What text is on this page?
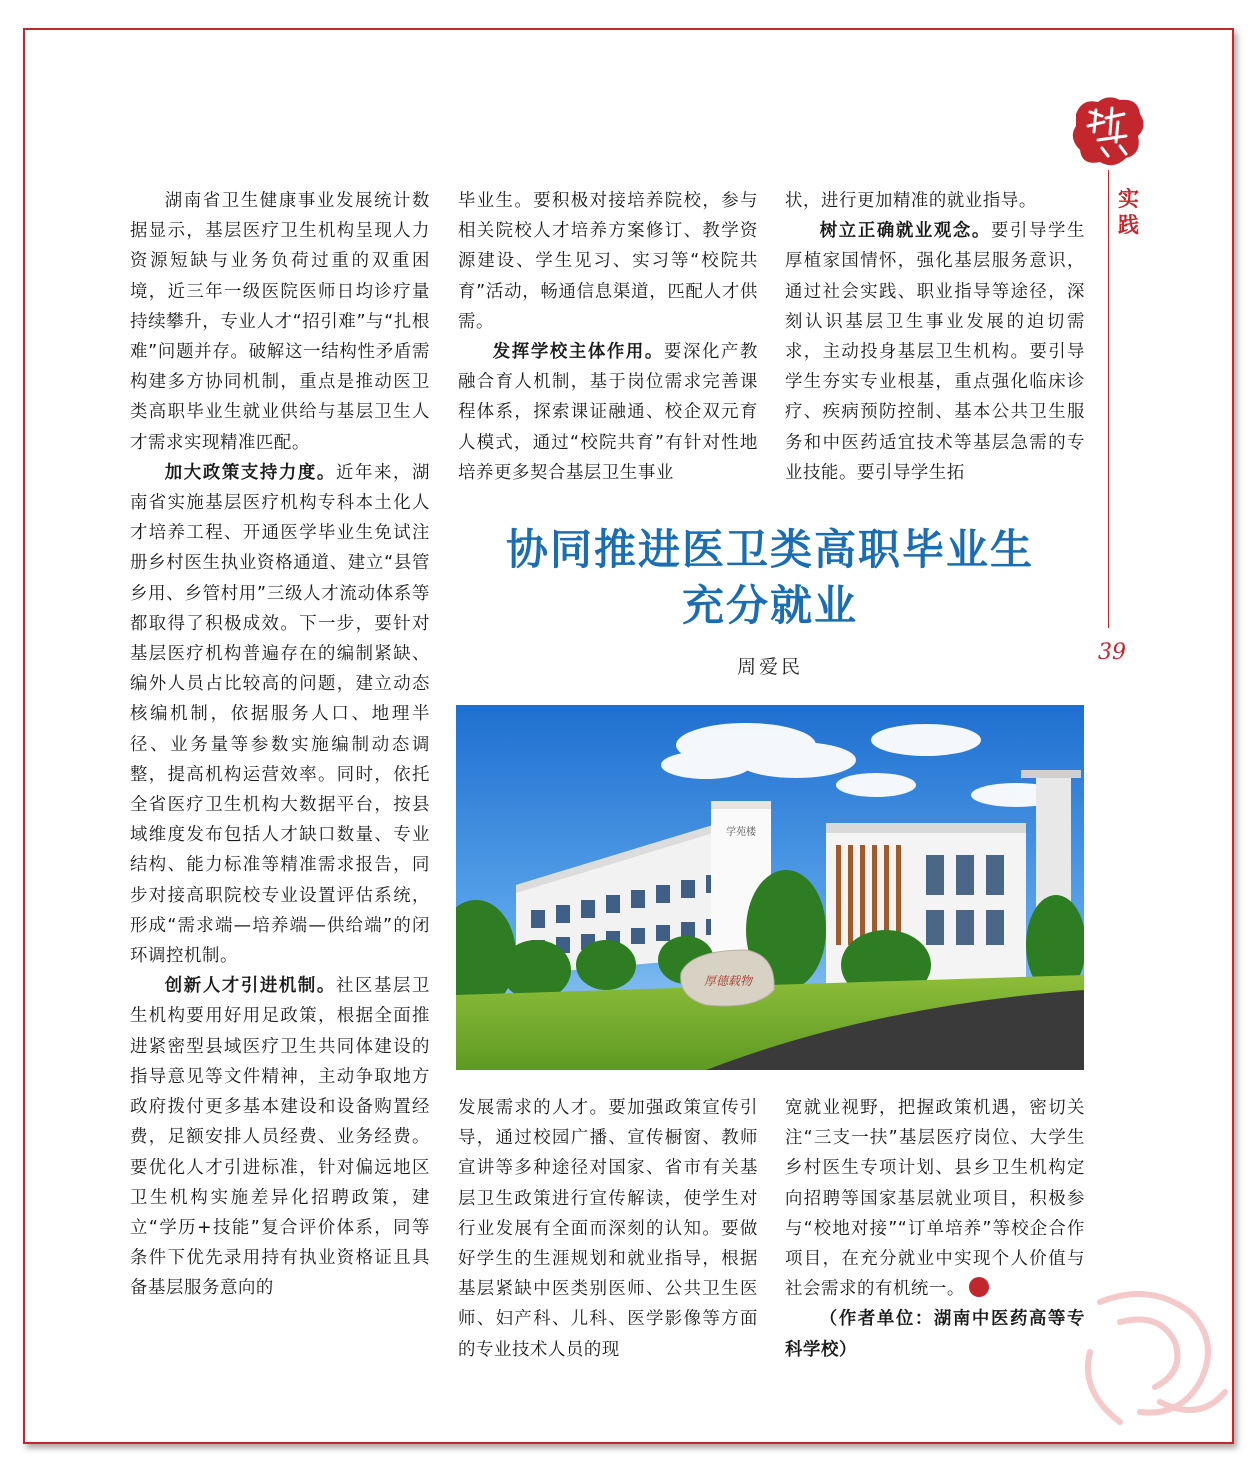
实践
39

湖南省卫生健康事业发展统计数据显示，基层医疗卫生机构呈现人力资源短缺与业务负荷过重的双重困境，近三年一级医院医师日均诊疗量持续攀升，专业人才“招引难”与“扎根难”问题并存。破解这一结构性矛盾需构建多方协同机制，重点是推动医卫类高职毕业生就业供给与基层卫生人才需求实现精准匹配。

加大政策支持力度。近年来，湖南省实施基层医疗机构专科本土化人才培养工程、开通医学毕业生免试注册乡村医生执业资格通道、建立“县管乡用、乡管村用”三级人才流动体系等都取得了积极成效。下一步，要针对基层医疗机构普遍存在的编制紧缺、编外人员占比较高的问题，建立动态核编机制，依据服务人口、地理半径、业务量等参数实施编制动态调整，提高机构运营效率。同时，依托全省医疗卫生机构大数据平台，按县域维度发布包括人才缺口数量、专业结构、能力标准等精准需求报告，同步对接高职院校专业设置评估系统，形成“需求端—培养端—供给端”的闭环调控机制。

创新人才引进机制。社区基层卫生机构要用好用足政策，根据全面推进紧密型县域医疗卫生共同体建设的指导意见等文件精神，主动争取地方政府拨付更多基本建设和设备购置经费，足额安排人员经费、业务经费。要优化人才引进标准，针对偏远地区卫生机构实施差异化招聘政策，建立“学历+技能”复合评价体系，同等条件下优先录用持有执业资格证且具备基层服务意向的

毕业生。要积极对接培养院校，参与相关院校人才培养方案修订、教学资源建设、学生见习、实习等“校院共育”活动，畅通信息渠道，匹配人才供需。

发挥学校主体作用。要深化产教融合育人机制，基于岗位需求完善课程体系，探索课证融通、校企双元育人模式，通过“校院共育”有针对性地培养更多契合基层卫生事业

状，进行更加精准的就业指导。

树立正确就业观念。要引导学生厚植家国情怀，强化基层服务意识，通过社会实践、职业指导等途径，深刻认识基层卫生事业发展的迫切需求，主动投身基层卫生机构。要引导学生夯实专业根基，重点强化临床诊疗、疾病预防控制、基本公共卫生服务和中医药适宜技术等基层急需的专业技能。要引导学生拓

协同推进医卫类高职毕业生
充分就业
周爱民
学苑楼
厚德载物

发展需求的人才。要加强政策宣传引导，通过校园广播、宣传橱窗、教师宣讲等多种途径对国家、省市有关基层卫生政策进行宣传解读，使学生对行业发展有全面而深刻的认知。要做好学生的生涯规划和就业指导，根据基层紧缺中医类别医师、公共卫生医师、妇产科、儿科、医学影像等方面的专业技术人员的现

宽就业视野，把握政策机遇，密切关注“三支一扶”基层医疗岗位、大学生乡村医生专项计划、县乡卫生机构定向招聘等国家基层就业项目，积极参与“校地对接”“订单培养”等校企合作项目，在充分就业中实现个人价值与社会需求的有机统一。

（作者单位：湖南中医药高等专科学校）
